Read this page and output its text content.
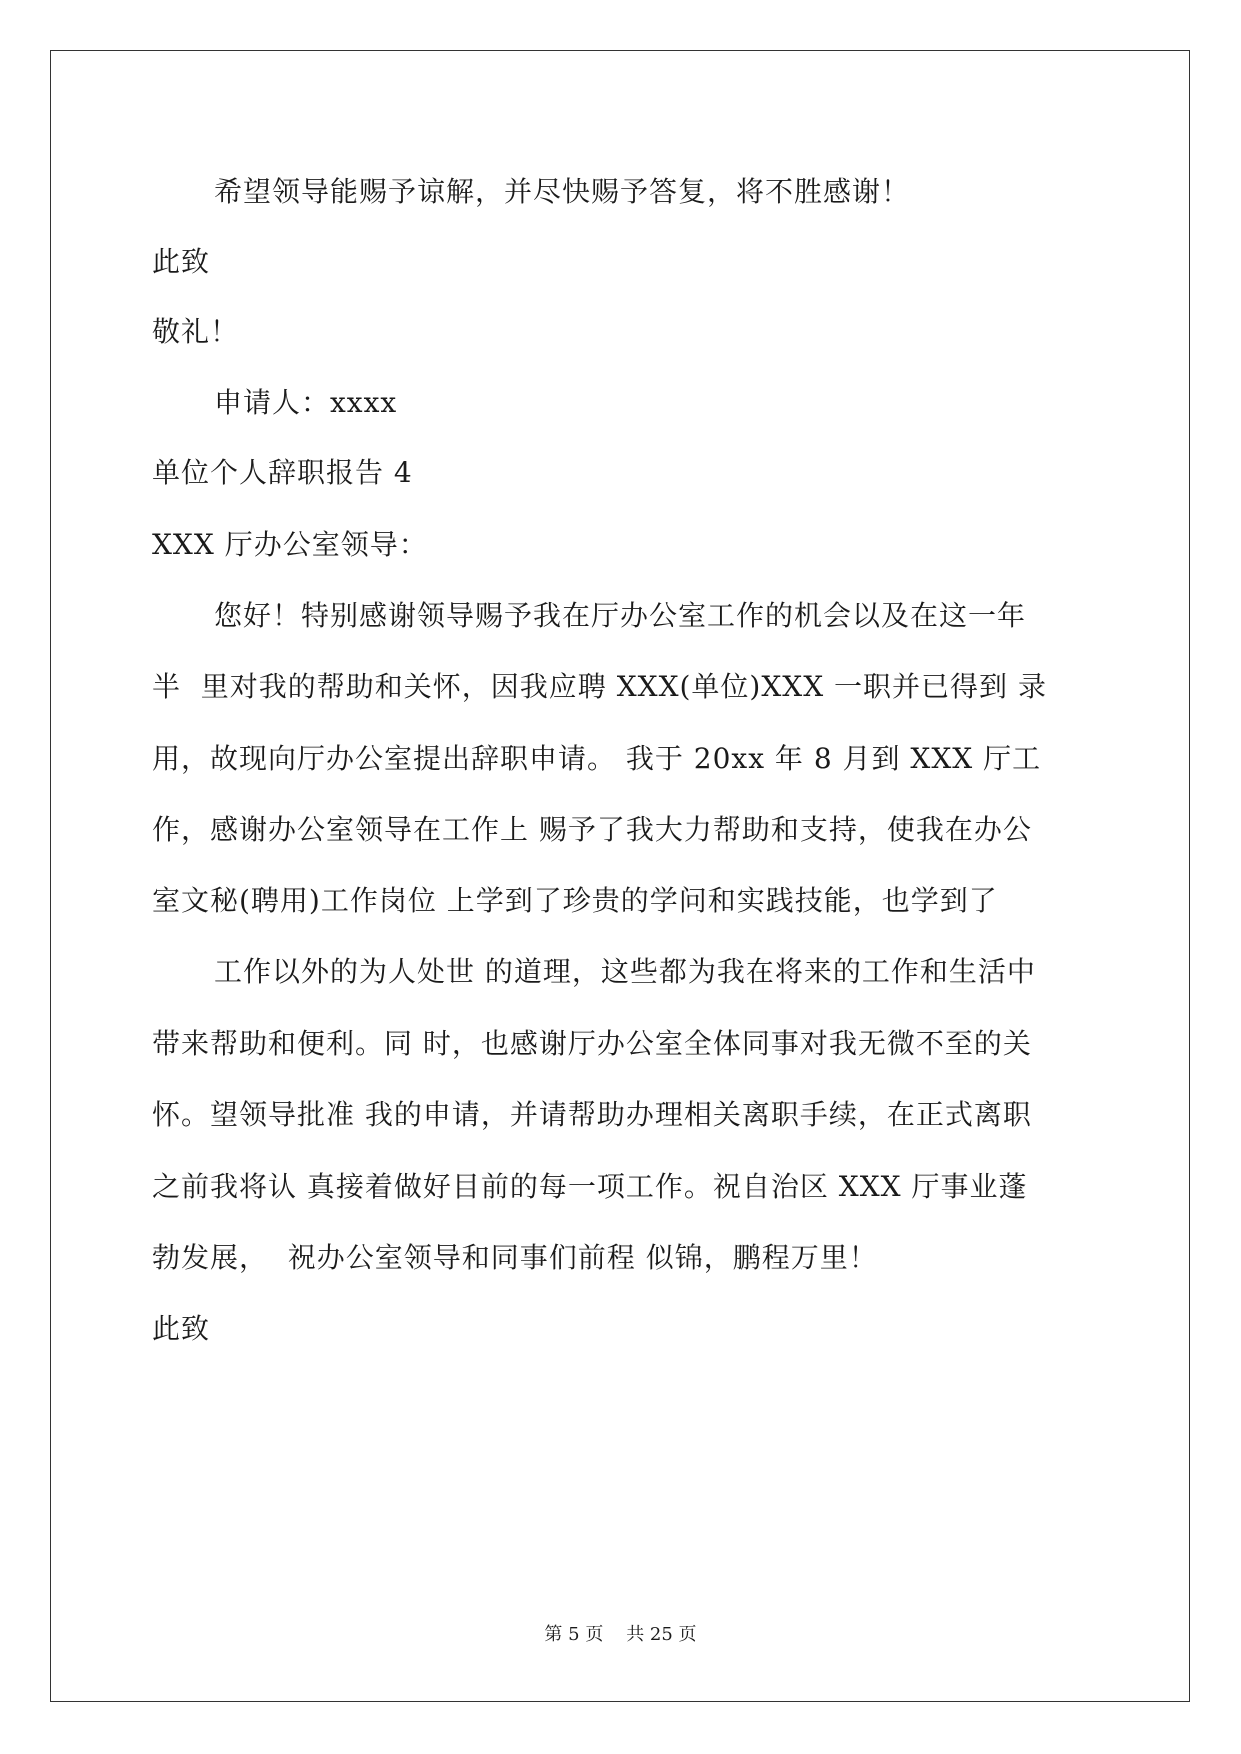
希望领导能赐予谅解，并尽快赐予答复，将不胜感谢！
此致
敬礼！
申请人：xxxx
单位个人辞职报告 4
XXX 厅办公室领导：
您好！特别感谢领导赐予我在厅办公室工作的机会以及在这一年
半  里对我的帮助和关怀，因我应聘 XXX(单位)XXX 一职并已得到 录
用，故现向厅办公室提出辞职申请。 我于 20xx 年 8 月到 XXX 厅工
作，感谢办公室领导在工作上 赐予了我大力帮助和支持，使我在办公
室文秘(聘用)工作岗位 上学到了珍贵的学问和实践技能，也学到了
工作以外的为人处世 的道理，这些都为我在将来的工作和生活中
带来帮助和便利。同 时，也感谢厅办公室全体同事对我无微不至的关
怀。望领导批准 我的申请，并请帮助办理相关离职手续，在正式离职
之前我将认 真接着做好目前的每一项工作。祝自治区 XXX 厅事业蓬
勃发展，  祝办公室领导和同事们前程 似锦，鹏程万里！
此致
第 5 页    共 25 页
